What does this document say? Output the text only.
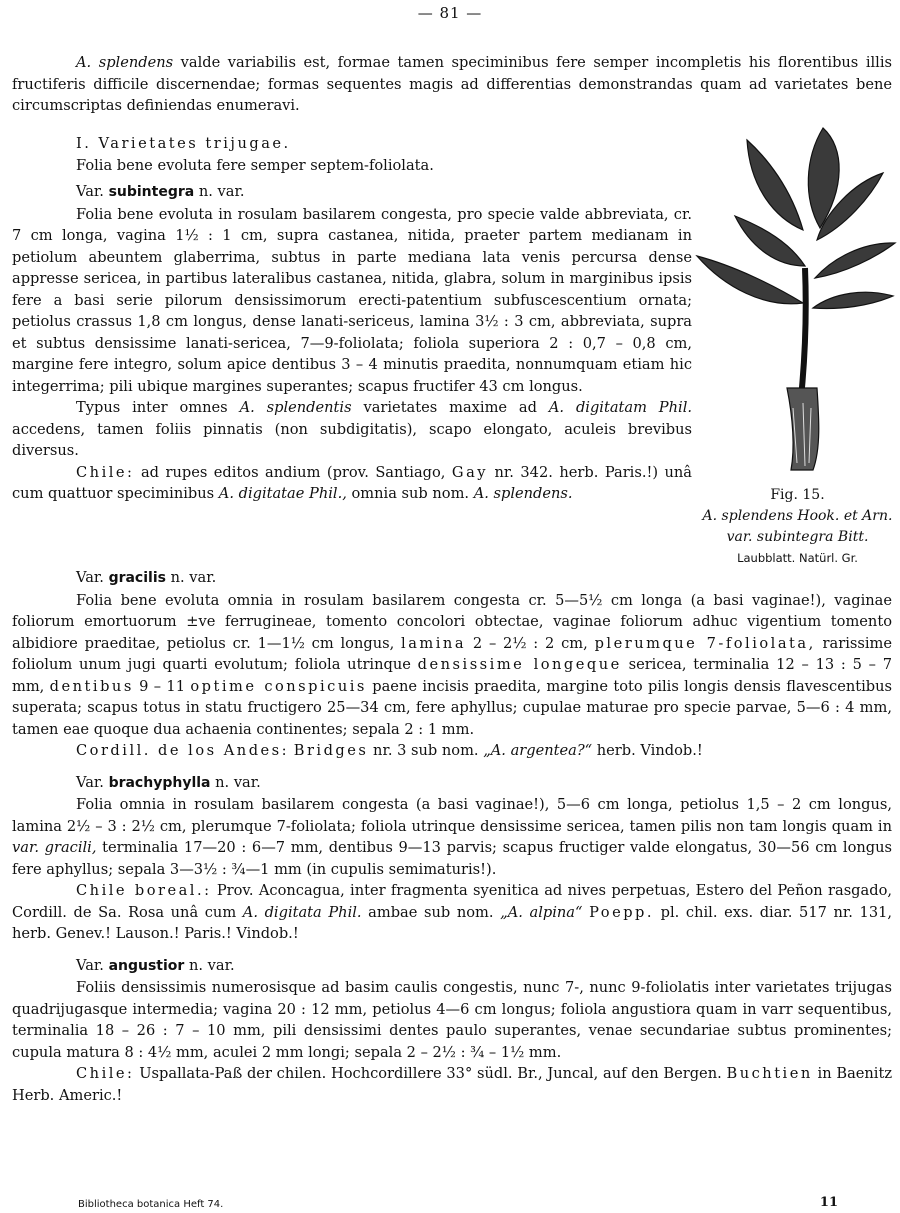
— 81 —

A. splendens valde variabilis est, formae tamen speciminibus fere semper incompletis his florentibus illis fructiferis difficile discernendae; formas sequentes magis ad differentias demonstrandas quam ad varietates bene circumscriptas definiendas enumeravi.

I. Varietates trijugae.

Folia bene evoluta fere semper septem-foliolata.

Var. subintegra n. var.

Folia bene evoluta in rosulam basilarem congesta, pro specie valde abbreviata, cr. 7 cm longa, vagina 1½ : 1 cm, supra castanea, nitida, praeter partem medianam in petiolum abeuntem glaberrima, subtus in parte mediana lata venis percursa dense appresse sericea, in partibus lateralibus castanea, nitida, glabra, solum in marginibus ipsis fere a basi serie pilorum densissimorum erecti-patentium subfuscescentium ornata; petiolus crassus 1,8 cm longus, dense lanati-sericeus, lamina 3½ : 3 cm, abbreviata, supra et subtus densissime lanati-sericea, 7—9-foliolata; foliola superiora 2 : 0,7 – 0,8 cm, margine fere integro, solum apice dentibus 3 – 4 minutis praedita, nonnumquam etiam hic integerrima; pili ubique margines superantes; scapus fructifer 43 cm longus.

Typus inter omnes A. splendentis varietates maxime ad A. digitatam Phil. accedens, tamen foliis pinnatis (non subdigitatis), scapo elongato, aculeis brevibus diversus.

Chile: ad rupes editos andium (prov. Santiago, Gay nr. 342. herb. Paris.!) unâ cum quattuor speciminibus A. digitatae Phil., omnia sub nom. A. splendens.	Fig. 15.
A. splendens Hook. et Arn.
var. subintegra Bitt.
Laubblatt. Natürl. Gr.

Var. gracilis n. var.

Folia bene evoluta omnia in rosulam basilarem congesta cr. 5—5½ cm longa (a basi vaginae!), vaginae foliorum emortuorum ±ve ferrugineae, tomento concolori obtectae, vaginae foliorum adhuc vigentium tomento albidiore praeditae, petiolus cr. 1—1½ cm longus, lamina 2 – 2½ : 2 cm, plerumque 7-foliolata, rarissime foliolum unum jugi quarti evolutum; foliola utrinque densissime longeque sericea, terminalia 12 – 13 : 5 – 7 mm, dentibus 9 – 11 optime conspicuis paene incisis praedita, margine toto pilis longis densis flavescentibus superata; scapus totus in statu fructigero 25—34 cm, fere aphyllus; cupulae maturae pro specie parvae, 5—6 : 4 mm, tamen eae quoque dua achaenia continentes; sepala 2 : 1 mm.

Cordill. de los Andes: Bridges nr. 3 sub nom. „A. argentea?“ herb. Vindob.!

Var. brachyphylla n. var.

Folia omnia in rosulam basilarem congesta (a basi vaginae!), 5—6 cm longa, petiolus 1,5 – 2 cm longus, lamina 2½ – 3 : 2½ cm, plerumque 7-foliolata; foliola utrinque densissime sericea, tamen pilis non tam longis quam in var. gracili, terminalia 17—20 : 6—7 mm, dentibus 9—13 parvis; scapus fructiger valde elongatus, 30—56 cm longus fere aphyllus; sepala 3—3½ : ¾—1 mm (in cupulis semimaturis!).

Chile boreal.: Prov. Aconcagua, inter fragmenta syenitica ad nives perpetuas, Estero del Peñon rasgado, Cordill. de Sa. Rosa unâ cum A. digitata Phil. ambae sub nom. „A. alpina“ Poepp. pl. chil. exs. diar. 517 nr. 131, herb. Genev.! Lauson.! Paris.! Vindob.!

Var. angustior n. var.

Foliis densissimis numerosisque ad basim caulis congestis, nunc 7-, nunc 9-foliolatis inter varietates trijugas quadrijugasque intermedia; vagina 20 : 12 mm, petiolus 4—6 cm longus; foliola angustiora quam in varr sequentibus, terminalia 18 – 26 : 7 – 10 mm, pili densissimi dentes paulo superantes, venae secundariae subtus prominentes; cupula matura 8 : 4½ mm, aculei 2 mm longi; sepala 2 – 2½ : ¾ – 1½ mm.

Chile: Uspallata-Paß der chilen. Hochcordillere 33° südl. Br., Juncal, auf den Bergen. Buchtien in Baenitz Herb. Americ.!

Bibliotheca botanica Heft 74.	11
